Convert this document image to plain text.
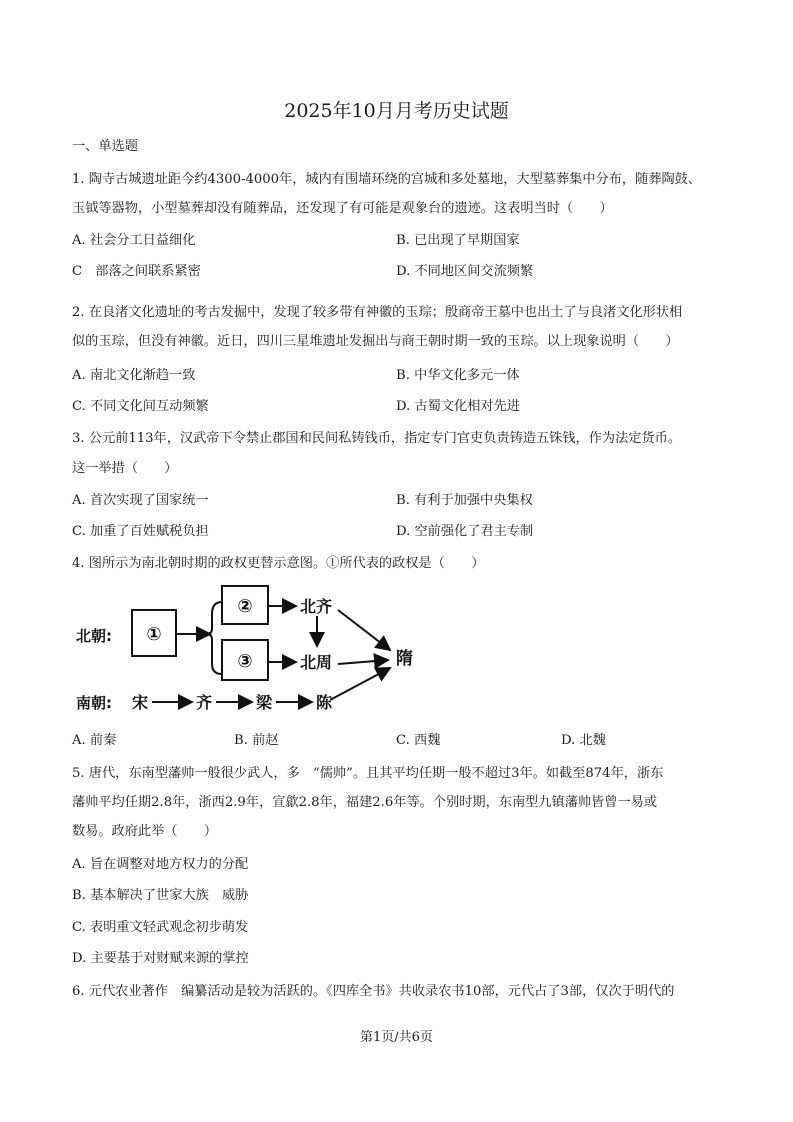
2025年10月月考历史试题
一、单选题
1. 陶寺古城遗址距今约4300-4000年，城内有围墙环绕的宫城和多处墓地，大型墓葬集中分布，随葬陶鼓、
玉钺等器物，小型墓葬却没有随葬品，还发现了有可能是观象台的遗迹。这表明当时（　　）
A. 社会分工日益细化	B. 已出现了早期国家
C　部落之间联系紧密	D. 不同地区间交流频繁
2. 在良渚文化遗址的考古发掘中，发现了较多带有神徽的玉琮；殷商帝王墓中也出土了与良渚文化形状相
似的玉琮，但没有神徽。近日，四川三星堆遗址发掘出与商王朝时期一致的玉琮。以上现象说明（　　）
A. 南北文化渐趋一致	B. 中华文化多元一体
C. 不同文化间互动频繁	D. 古蜀文化相对先进
3. 公元前113年，汉武帝下令禁止郡国和民间私铸钱币，指定专门官吏负责铸造五铢钱，作为法定货币。
这一举措（　　）
A. 首次实现了国家统一	B. 有利于加强中央集权
C. 加重了百姓赋税负担	D. 空前强化了君主专制
4. 图所示为南北朝时期的政权更替示意图。①所代表的政权是（　　）
北朝: ①
②
③
北齐
北周	隋
南朝: 宋	齐	梁	陈
A. 前秦	B. 前赵	C. 西魏	D. 北魏
5. 唐代，东南型藩帅一般很少武人，多　“儒帅”。且其平均任期一般不超过3年。如截至874年，浙东
藩帅平均任期2.8年，浙西2.9年，宣歙2.8年，福建2.6年等。个别时期，东南型九镇藩帅皆曾一易或
数易。政府此举（　　）
A. 旨在调整对地方权力的分配
B. 基本解决了世家大族　威胁
C. 表明重文轻武观念初步萌发
D. 主要基于对财赋来源的掌控
6. 元代农业著作　编纂活动是较为活跃的。《四库全书》共收录农书10部，元代占了3部，仅次于明代的
第1页/共6页
